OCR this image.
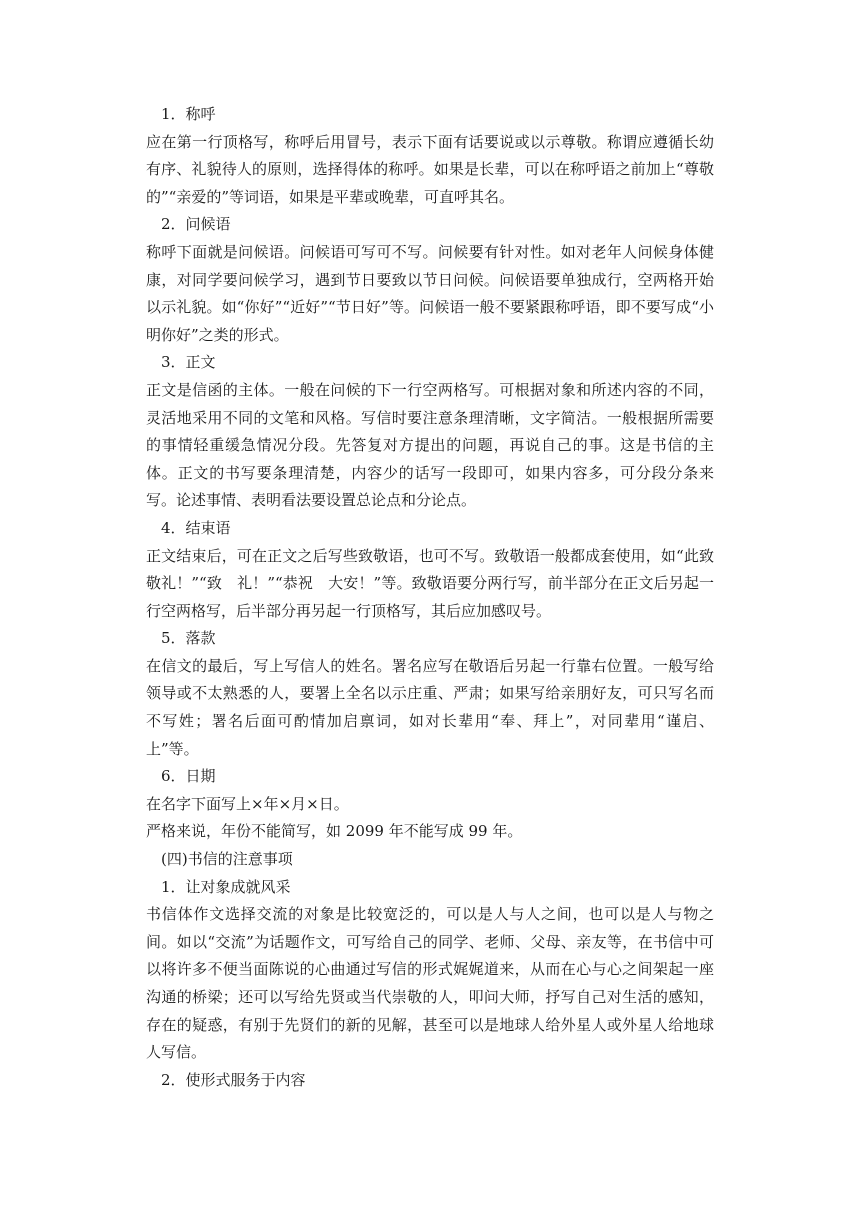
1．称呼

应在第一行顶格写，称呼后用冒号，表示下面有话要说或以示尊敬。称谓应遵循长幼有序、礼貌待人的原则，选择得体的称呼。如果是长辈，可以在称呼语之前加上“尊敬的”“亲爱的”等词语，如果是平辈或晚辈，可直呼其名。

2．问候语

称呼下面就是问候语。问候语可写可不写。问候要有针对性。如对老年人问候身体健康，对同学要问候学习，遇到节日要致以节日问候。问候语要单独成行，空两格开始以示礼貌。如“你好”“近好”“节日好”等。问候语一般不要紧跟称呼语，即不要写成“小明你好”之类的形式。

3．正文

正文是信函的主体。一般在问候的下一行空两格写。可根据对象和所述内容的不同，灵活地采用不同的文笔和风格。写信时要注意条理清晰，文字简洁。一般根据所需要的事情轻重缓急情况分段。先答复对方提出的问题，再说自己的事。这是书信的主体。正文的书写要条理清楚，内容少的话写一段即可，如果内容多，可分段分条来写。论述事情、表明看法要设置总论点和分论点。

4．结束语

正文结束后，可在正文之后写些致敬语，也可不写。致敬语一般都成套使用，如“此致敬礼！”“致　礼！”“恭祝　大安！”等。致敬语要分两行写，前半部分在正文后另起一行空两格写，后半部分再另起一行顶格写，其后应加感叹号。

5．落款

在信文的最后，写上写信人的姓名。署名应写在敬语后另起一行靠右位置。一般写给领导或不太熟悉的人，要署上全名以示庄重、严肃；如果写给亲朋好友，可只写名而不写姓；署名后面可酌情加启禀词，如对长辈用“奉、拜上”，对同辈用“谨启、上”等。

6．日期

在名字下面写上×年×月×日。

严格来说，年份不能简写，如 2099 年不能写成 99 年。

(四)书信的注意事项

1．让对象成就风采

书信体作文选择交流的对象是比较宽泛的，可以是人与人之间，也可以是人与物之间。如以“交流”为话题作文，可写给自己的同学、老师、父母、亲友等，在书信中可以将许多不便当面陈说的心曲通过写信的形式娓娓道来，从而在心与心之间架起一座沟通的桥梁；还可以写给先贤或当代崇敬的人，叩问大师，抒写自己对生活的感知，存在的疑惑，有别于先贤们的新的见解，甚至可以是地球人给外星人或外星人给地球人写信。

2．使形式服务于内容
